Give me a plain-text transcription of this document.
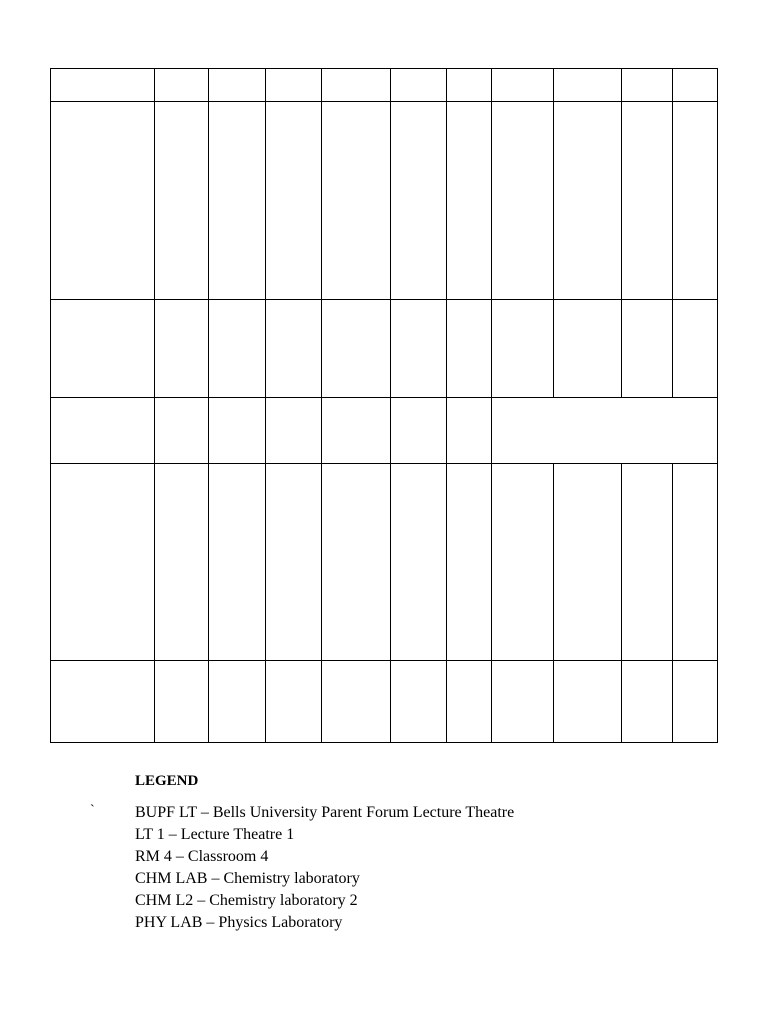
LEGEND
`	BUPF LT – Bells University Parent Forum Lecture Theatre
LT 1 – Lecture Theatre 1
RM 4 – Classroom 4
CHM LAB – Chemistry laboratory
CHM L2 – Chemistry laboratory 2
PHY LAB – Physics Laboratory
